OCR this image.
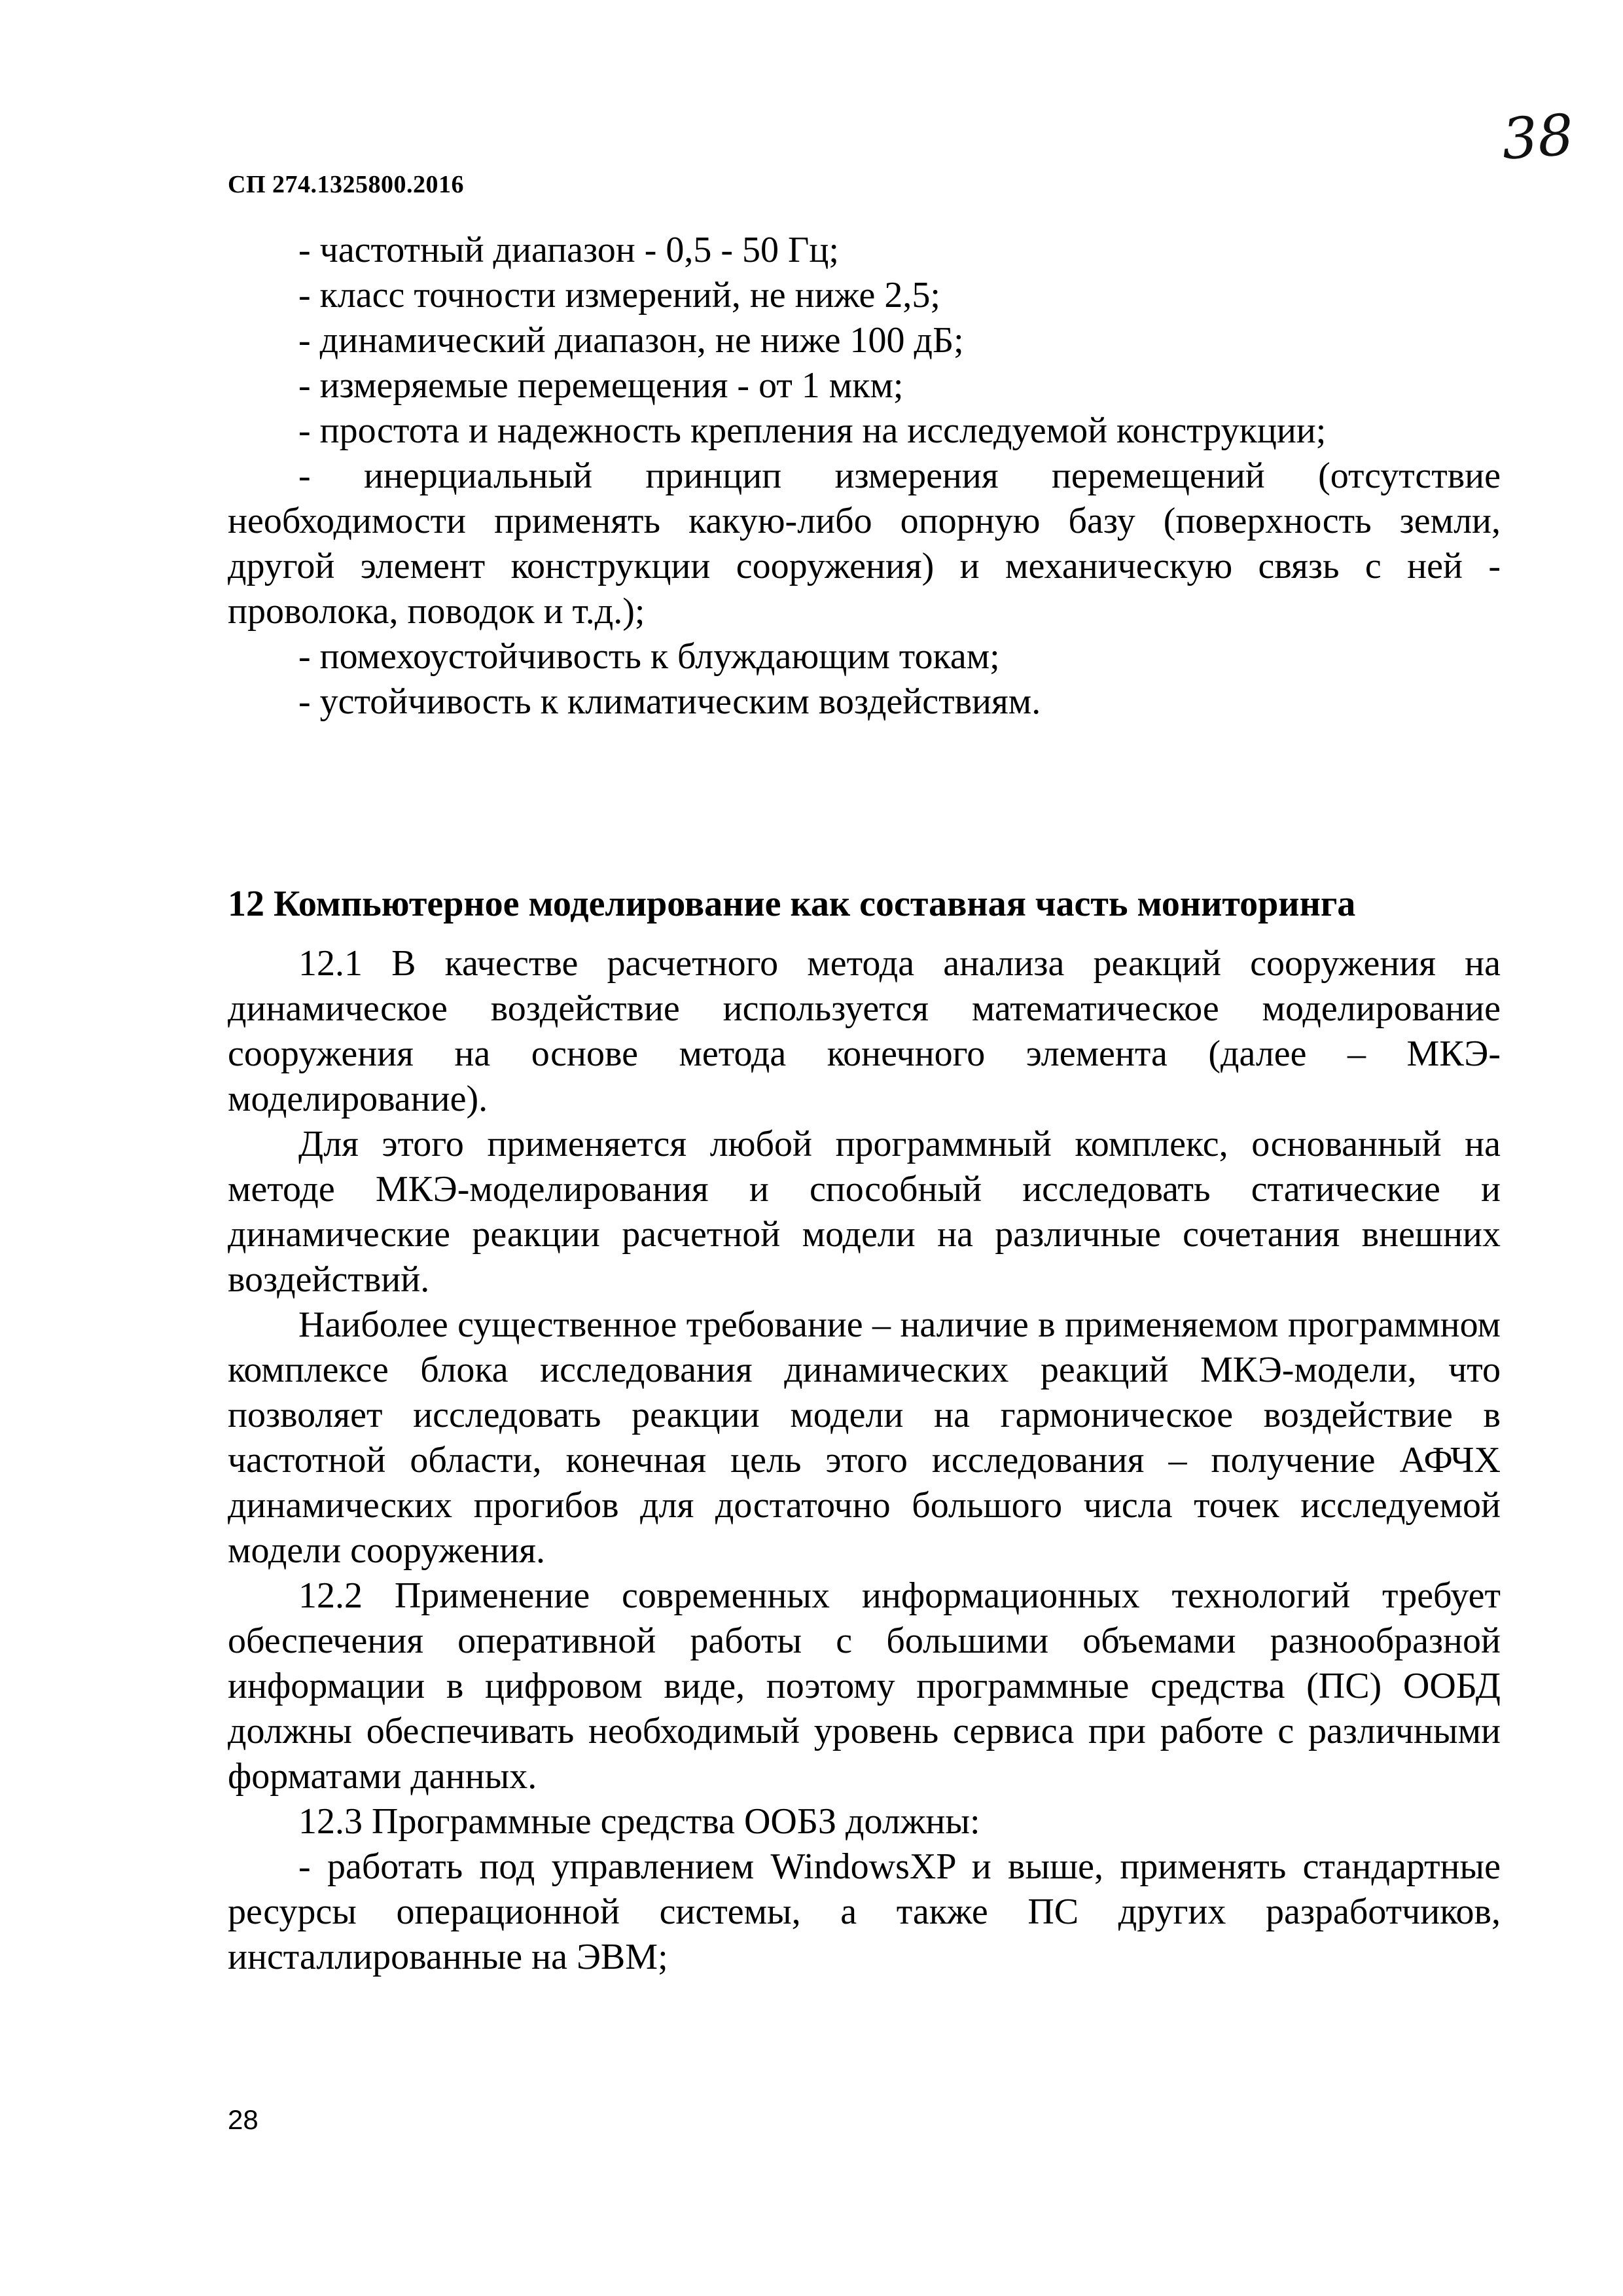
СП 274.1325800.2016
38

- частотный диапазон - 0,5 - 50 Гц;

- класс точности измерений, не ниже 2,5;

- динамический диапазон, не ниже 100 дБ;

- измеряемые перемещения - от 1 мкм;

- простота и надежность крепления на исследуемой конструкции;

- инерциальный принцип измерения перемещений (отсутствие необходимости применять какую-либо опорную базу (поверхность земли, другой элемент конструкции сооружения) и механическую связь с ней - проволока, поводок и т.д.);

- помехоустойчивость к блуждающим токам;

- устойчивость к климатическим воздействиям.

12 Компьютерное моделирование как составная часть мониторинга

12.1 В качестве расчетного метода анализа реакций сооружения на динамическое воздействие используется математическое моделирование сооружения на основе метода конечного элемента (далее – МКЭ-моделирование).

Для этого применяется любой программный комплекс, основанный на методе МКЭ-моделирования и способный исследовать статические и динамические реакции расчетной модели на различные сочетания внешних воздействий.

Наиболее существенное требование – наличие в применяемом программном комплексе блока исследования динамических реакций МКЭ-модели, что позволяет исследовать реакции модели на гармоническое воздействие в частотной области, конечная цель этого исследования – получение АФЧХ динамических прогибов для достаточно большого числа точек исследуемой модели сооружения.

12.2 Применение современных информационных технологий требует обеспечения оперативной работы с большими объемами разнообразной информации в цифровом виде, поэтому программные средства (ПС) ООБД должны обеспечивать необходимый уровень сервиса при работе с различными форматами данных.

12.3 Программные средства ООБЗ должны:

- работать под управлением WindowsXP и выше, применять стандартные ресурсы операционной системы, а также ПС других разработчиков, инсталлированные на ЭВМ;

28
